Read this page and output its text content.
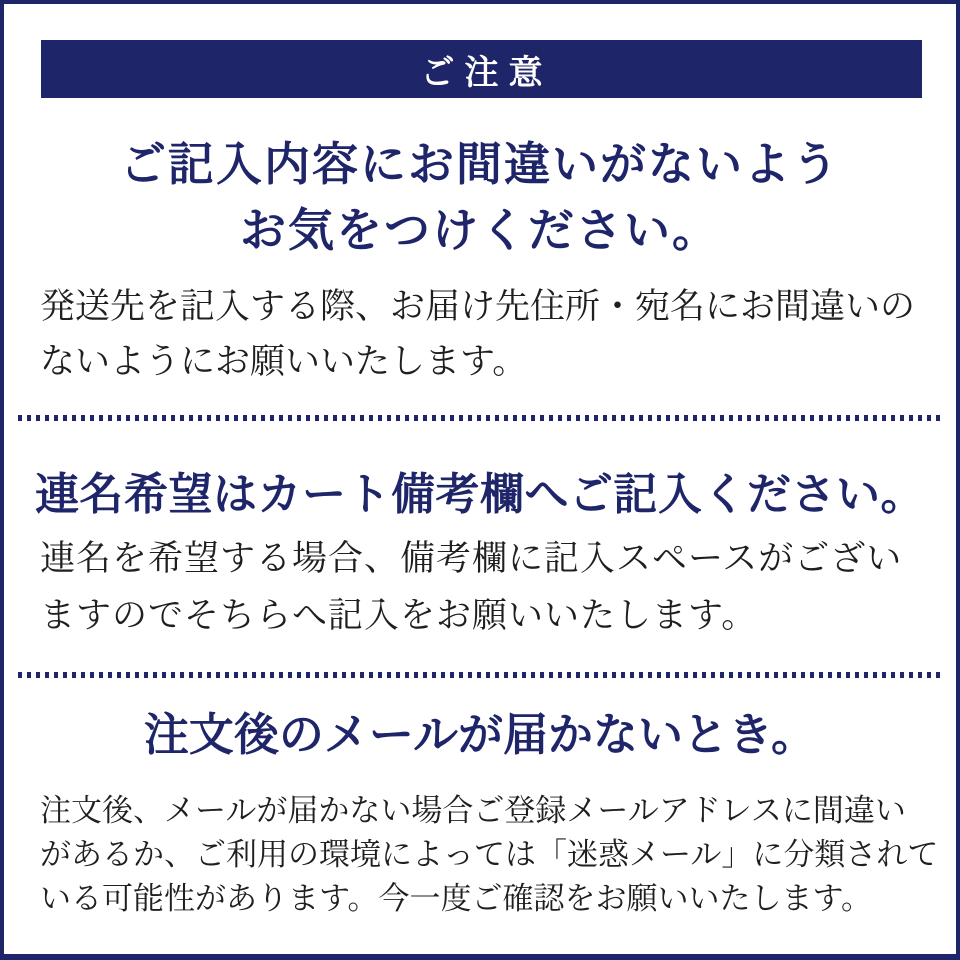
ご注意
ご記入内容にお間違いがないよう
お気をつけください。
発送先を記入する際、お届け先住所・宛名にお間違いの
ないようにお願いいたします。
連名希望はカート備考欄へご記入ください。
連名を希望する場合、備考欄に記入スペースがござい
ますのでそちらへ記入をお願いいたします。
注文後のメールが届かないとき。
注文後、メールが届かない場合ご登録メールアドレスに間違い
があるか、ご利用の環境によっては「迷惑メール」に分類されて
いる可能性があります。今一度ご確認をお願いいたします。
